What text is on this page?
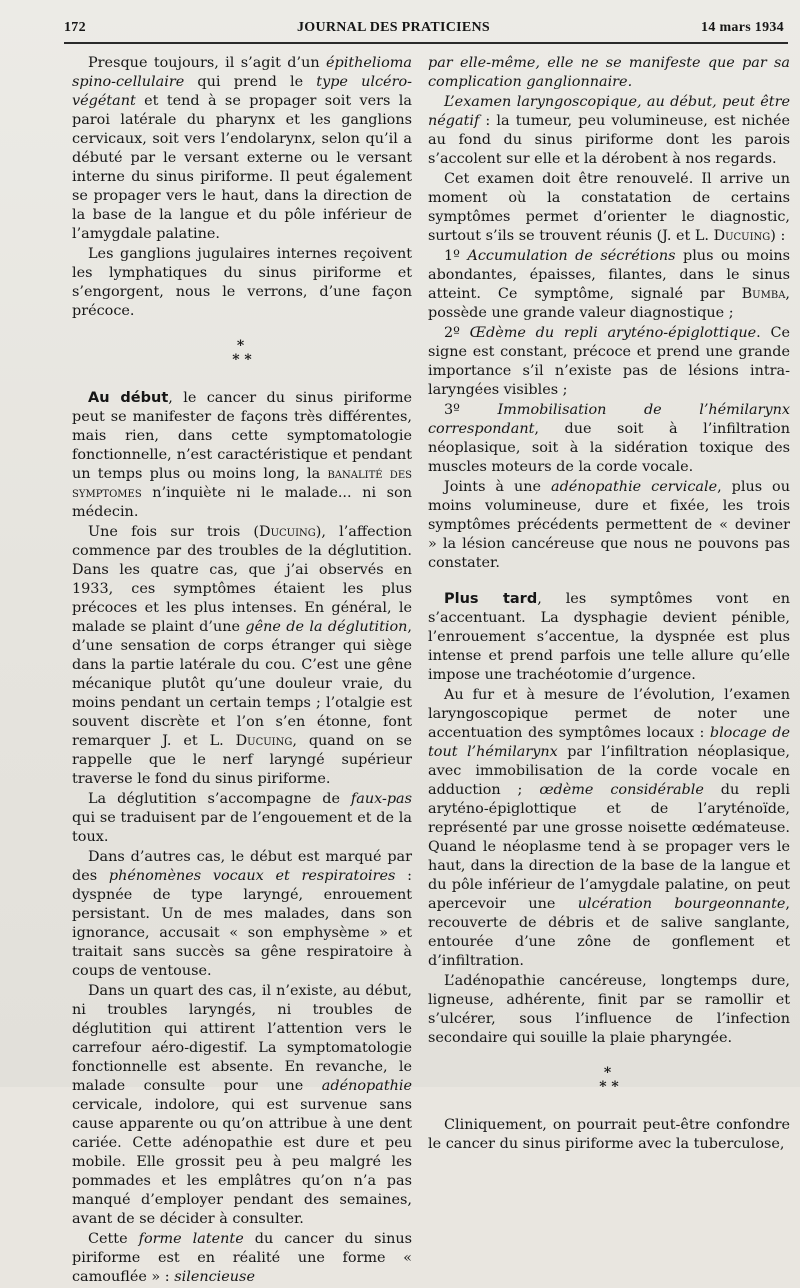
172	JOURNAL DES PRATICIENS	14 mars 1934

Presque toujours, il s’agit d’un épithelioma spino-cellulaire qui prend le type ulcéro-végétant et tend à se propager soit vers la paroi latérale du pharynx et les ganglions cervicaux, soit vers l’endolarynx, selon qu’il a débuté par le versant externe ou le versant interne du sinus piriforme. Il peut également se propager vers le haut, dans la direction de la base de la langue et du pôle inférieur de l’amygdale palatine.

Les ganglions jugulaires internes reçoivent les lymphatiques du sinus piriforme et s’engorgent, nous le verrons, d’une façon précoce.

*
* *

Au début, le cancer du sinus piriforme peut se manifester de façons très différentes, mais rien, dans cette symptomatologie fonctionnelle, n’est caractéristique et pendant un temps plus ou moins long, la banalité des symptomes n’inquiète ni le malade... ni son médecin.

Une fois sur trois (Ducuing), l’affection commence par des troubles de la déglutition. Dans les quatre cas, que j’ai observés en 1933, ces symptômes étaient les plus précoces et les plus intenses. En général, le malade se plaint d’une gêne de la déglutition, d’une sensation de corps étranger qui siège dans la partie latérale du cou. C’est une gêne mécanique plutôt qu’une douleur vraie, du moins pendant un certain temps ; l’otalgie est souvent discrète et l’on s’en étonne, font remarquer J. et L. Ducuing, quand on se rappelle que le nerf laryngé supérieur traverse le fond du sinus piriforme.

La déglutition s’accompagne de faux-pas qui se traduisent par de l’engouement et de la toux.

Dans d’autres cas, le début est marqué par des phénomènes vocaux et respiratoires : dyspnée de type laryngé, enrouement persistant. Un de mes malades, dans son ignorance, accusait « son emphysème » et traitait sans succès sa gêne respiratoire à coups de ventouse.

Dans un quart des cas, il n’existe, au début, ni troubles laryngés, ni troubles de déglutition qui attirent l’attention vers le carrefour aéro-digestif. La symptomatologie fonctionnelle est absente. En revanche, le malade consulte pour une adénopathie cervicale, indolore, qui est survenue sans cause apparente ou qu’on attribue à une dent cariée. Cette adénopathie est dure et peu mobile. Elle grossit peu à peu malgré les pommades et les emplâtres qu’on n’a pas manqué d’employer pendant des semaines, avant de se décider à consulter.

Cette forme latente du cancer du sinus piriforme est en réalité une forme « camouflée » : silencieuse

par elle-même, elle ne se manifeste que par sa complication ganglionnaire.

L’examen laryngoscopique, au début, peut être négatif : la tumeur, peu volumineuse, est nichée au fond du sinus piriforme dont les parois s’accolent sur elle et la dérobent à nos regards.

Cet examen doit être renouvelé. Il arrive un moment où la constatation de certains symptômes permet d’orienter le diagnostic, surtout s’ils se trouvent réunis (J. et L. Ducuing) :

1º Accumulation de sécrétions plus ou moins abondantes, épaisses, filantes, dans le sinus atteint. Ce symptôme, signalé par Bumba, possède une grande valeur diagnostique ;

2º Œdème du repli aryténo-épiglottique. Ce signe est constant, précoce et prend une grande importance s’il n’existe pas de lésions intra-laryngées visibles ;

3º Immobilisation de l’hémilarynx correspondant, due soit à l’infiltration néoplasique, soit à la sidération toxique des muscles moteurs de la corde vocale.

Joints à une adénopathie cervicale, plus ou moins volumineuse, dure et fixée, les trois symptômes précédents permettent de « deviner » la lésion cancéreuse que nous ne pouvons pas constater.

Plus tard, les symptômes vont en s’accentuant. La dysphagie devient pénible, l’enrouement s’accentue, la dyspnée est plus intense et prend parfois une telle allure qu’elle impose une trachéotomie d’urgence.

Au fur et à mesure de l’évolution, l’examen laryngoscopique permet de noter une accentuation des symptômes locaux : blocage de tout l’hémilarynx par l’infiltration néoplasique, avec immobilisation de la corde vocale en adduction ; œdème considérable du repli aryténo-épiglottique et de l’aryténoïde, représenté par une grosse noisette œdémateuse. Quand le néoplasme tend à se propager vers le haut, dans la direction de la base de la langue et du pôle inférieur de l’amygdale palatine, on peut apercevoir une ulcération bourgeonnante, recouverte de débris et de salive sanglante, entourée d’une zône de gonflement et d’infiltration.

L’adénopathie cancéreuse, longtemps dure, ligneuse, adhérente, finit par se ramollir et s’ulcérer, sous l’influence de l’infection secondaire qui souille la plaie pharyngée.

*
* *

Cliniquement, on pourrait peut-être confondre le cancer du sinus piriforme avec la tuberculose,
